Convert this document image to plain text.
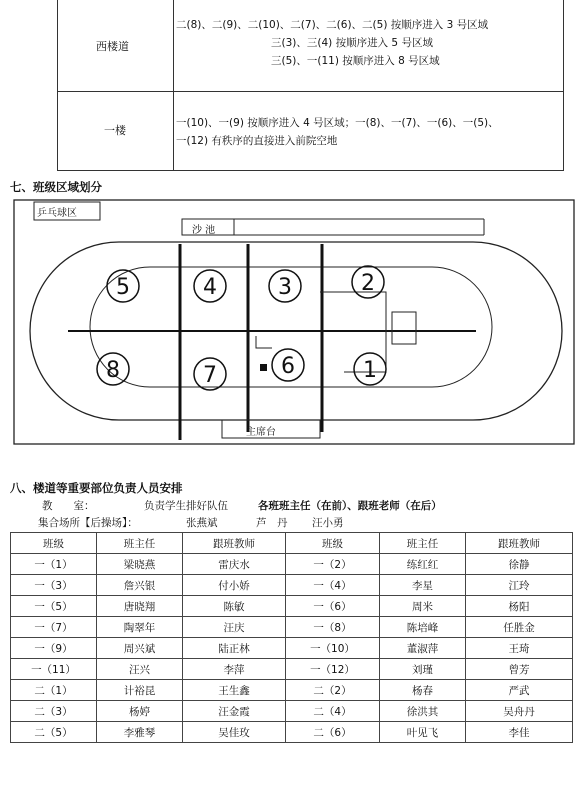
西楼道
二(8)、二(9)、二(10)、二(7)、二(6)、二(5) 按顺序进入 3 号区域
三(3)、三(4) 按顺序进入 5 号区域
三(5)、一(11) 按顺序进入 8 号区域
一楼
一(10)、一(9) 按顺序进入 4 号区域；一(8)、一(7)、一(6)、一(5)、
一(12) 有秩序的直接进入前院空地
七、班级区域划分
5	4	3	2
8	7	6	1
乒乓球区
沙 池
主席台
八、楼道等重要部位负责人员安排
教　　室：	负责学生排好队伍	各班班主任（在前）、跟班老师（在后）
集合场所【后操场】：	张燕斌	芦　丹 汪小勇
班级	班主任	跟班教师	班级	班主任	跟班教师
一（1）	梁晓燕	雷庆水	一（2）	练红红	徐静
一（3）	詹兴银	付小娇	一（4）	李星	江玲
一（5）	唐晓翔	陈敏	一（6）	周米	杨阳
一（7）	陶翠年	汪庆	一（8）	陈培峰	任胜金
一（9）	周兴斌	陆正林	一（10）	董淑萍	王琦
一（11）	汪兴	李萍	一（12）	刘瑾	曾芳
二（1）	计裕昆	王生鑫	二（2）	杨春	严武
二（3）	杨婷	汪金霞	二（4）	徐洪其	吴舟丹
二（5）	李雅琴	吴佳玫	二（6）	叶见飞	李佳
